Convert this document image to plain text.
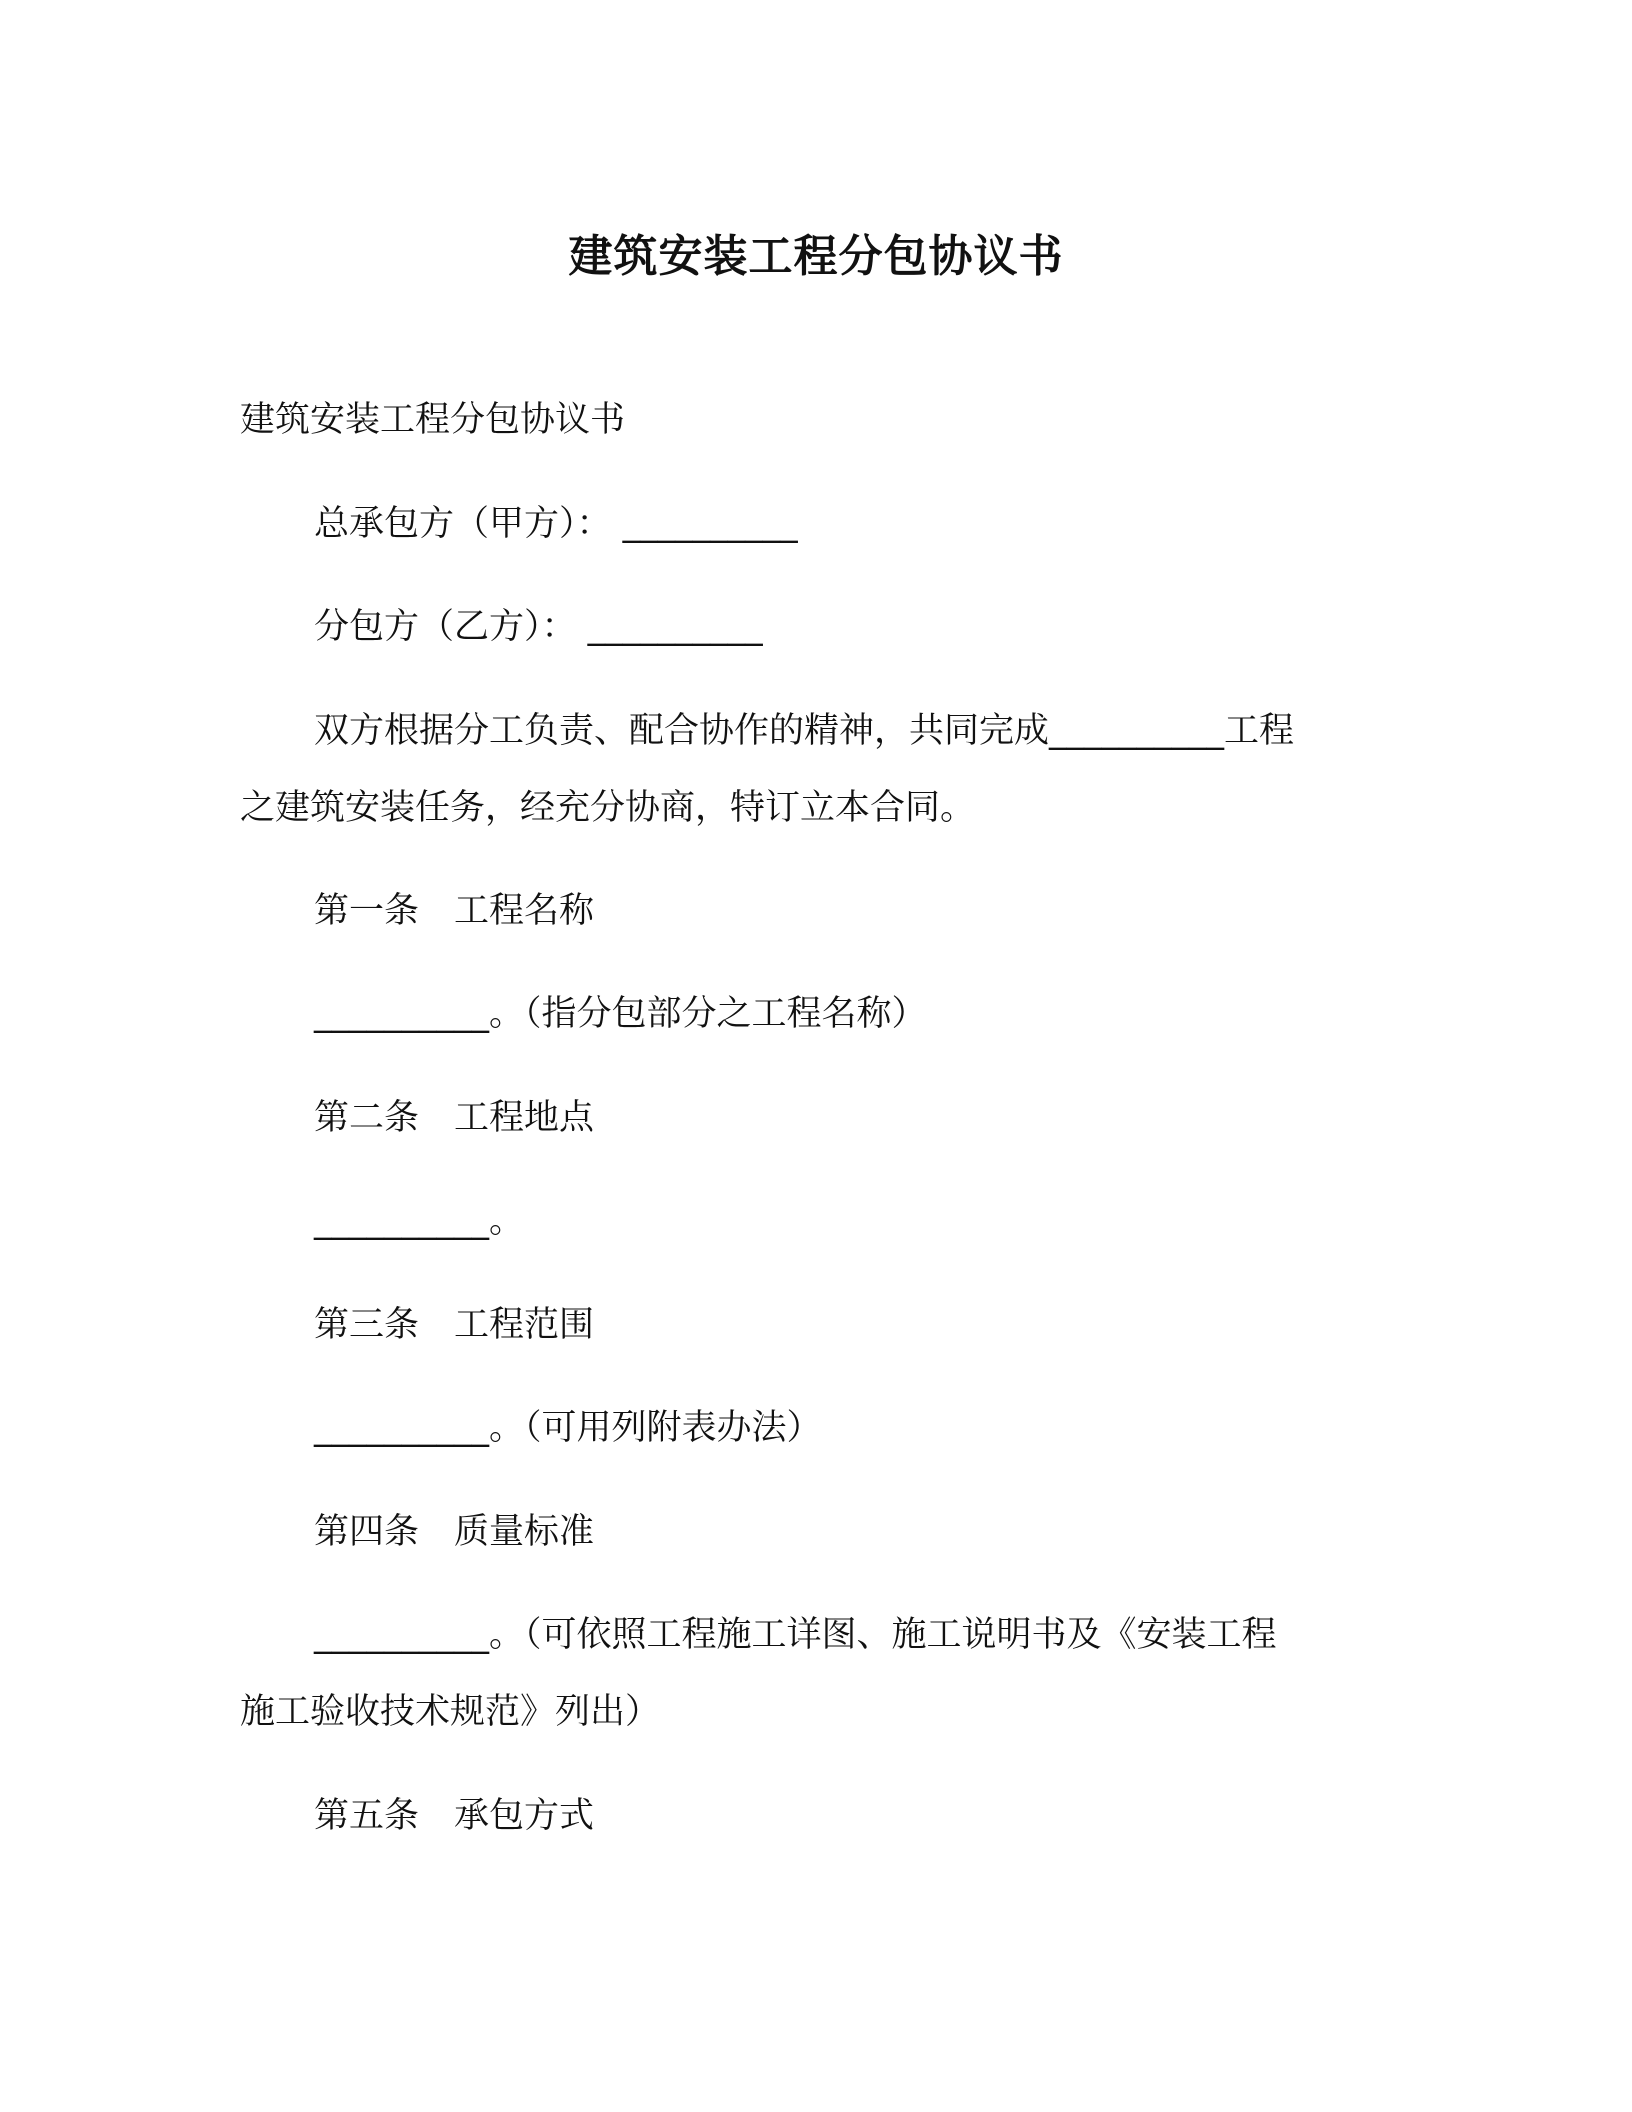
建筑安装工程分包协议书
建筑安装工程分包协议书
总承包方（甲方）： __________
分包方（乙方）： __________
双方根据分工负责、配合协作的精神，共同完成__________工程
之建筑安装任务，经充分协商，特订立本合同。
第一条　工程名称
__________。（指分包部分之工程名称）
第二条　工程地点
__________。
第三条　工程范围
__________。（可用列附表办法）
第四条　质量标准
__________。（可依照工程施工详图、施工说明书及《安装工程
施工验收技术规范》列出）
第五条　承包方式
